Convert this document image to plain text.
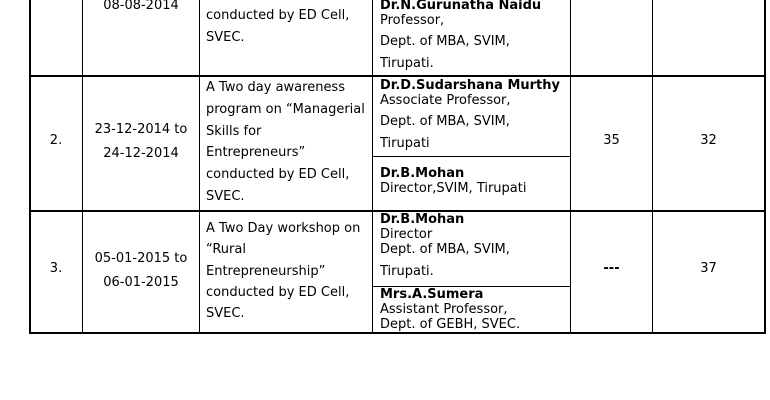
08-08-2014
conducted by ED Cell,
SVEC.
Dr.N.Gurunatha Naidu
Professor,
Dept. of MBA, SVIM,
Tirupati.
2.
23-12-2014 to
24-12-2014
A Two day awareness
program on “Managerial
Skills for
Entrepreneurs”
conducted by ED Cell,
SVEC.
Dr.D.Sudarshana Murthy
Associate Professor,
Dept. of MBA, SVIM,
Tirupati
Dr.B.Mohan
Director,SVIM, Tirupati
35	32
3.
05-01-2015 to
06-01-2015
A Two Day workshop on
“Rural
Entrepreneurship”
conducted by ED Cell,
SVEC.
Dr.B.Mohan
Director
Dept. of MBA, SVIM,
Tirupati.
Mrs.A.Sumera
Assistant Professor,
Dept. of GEBH, SVEC.
---	37
